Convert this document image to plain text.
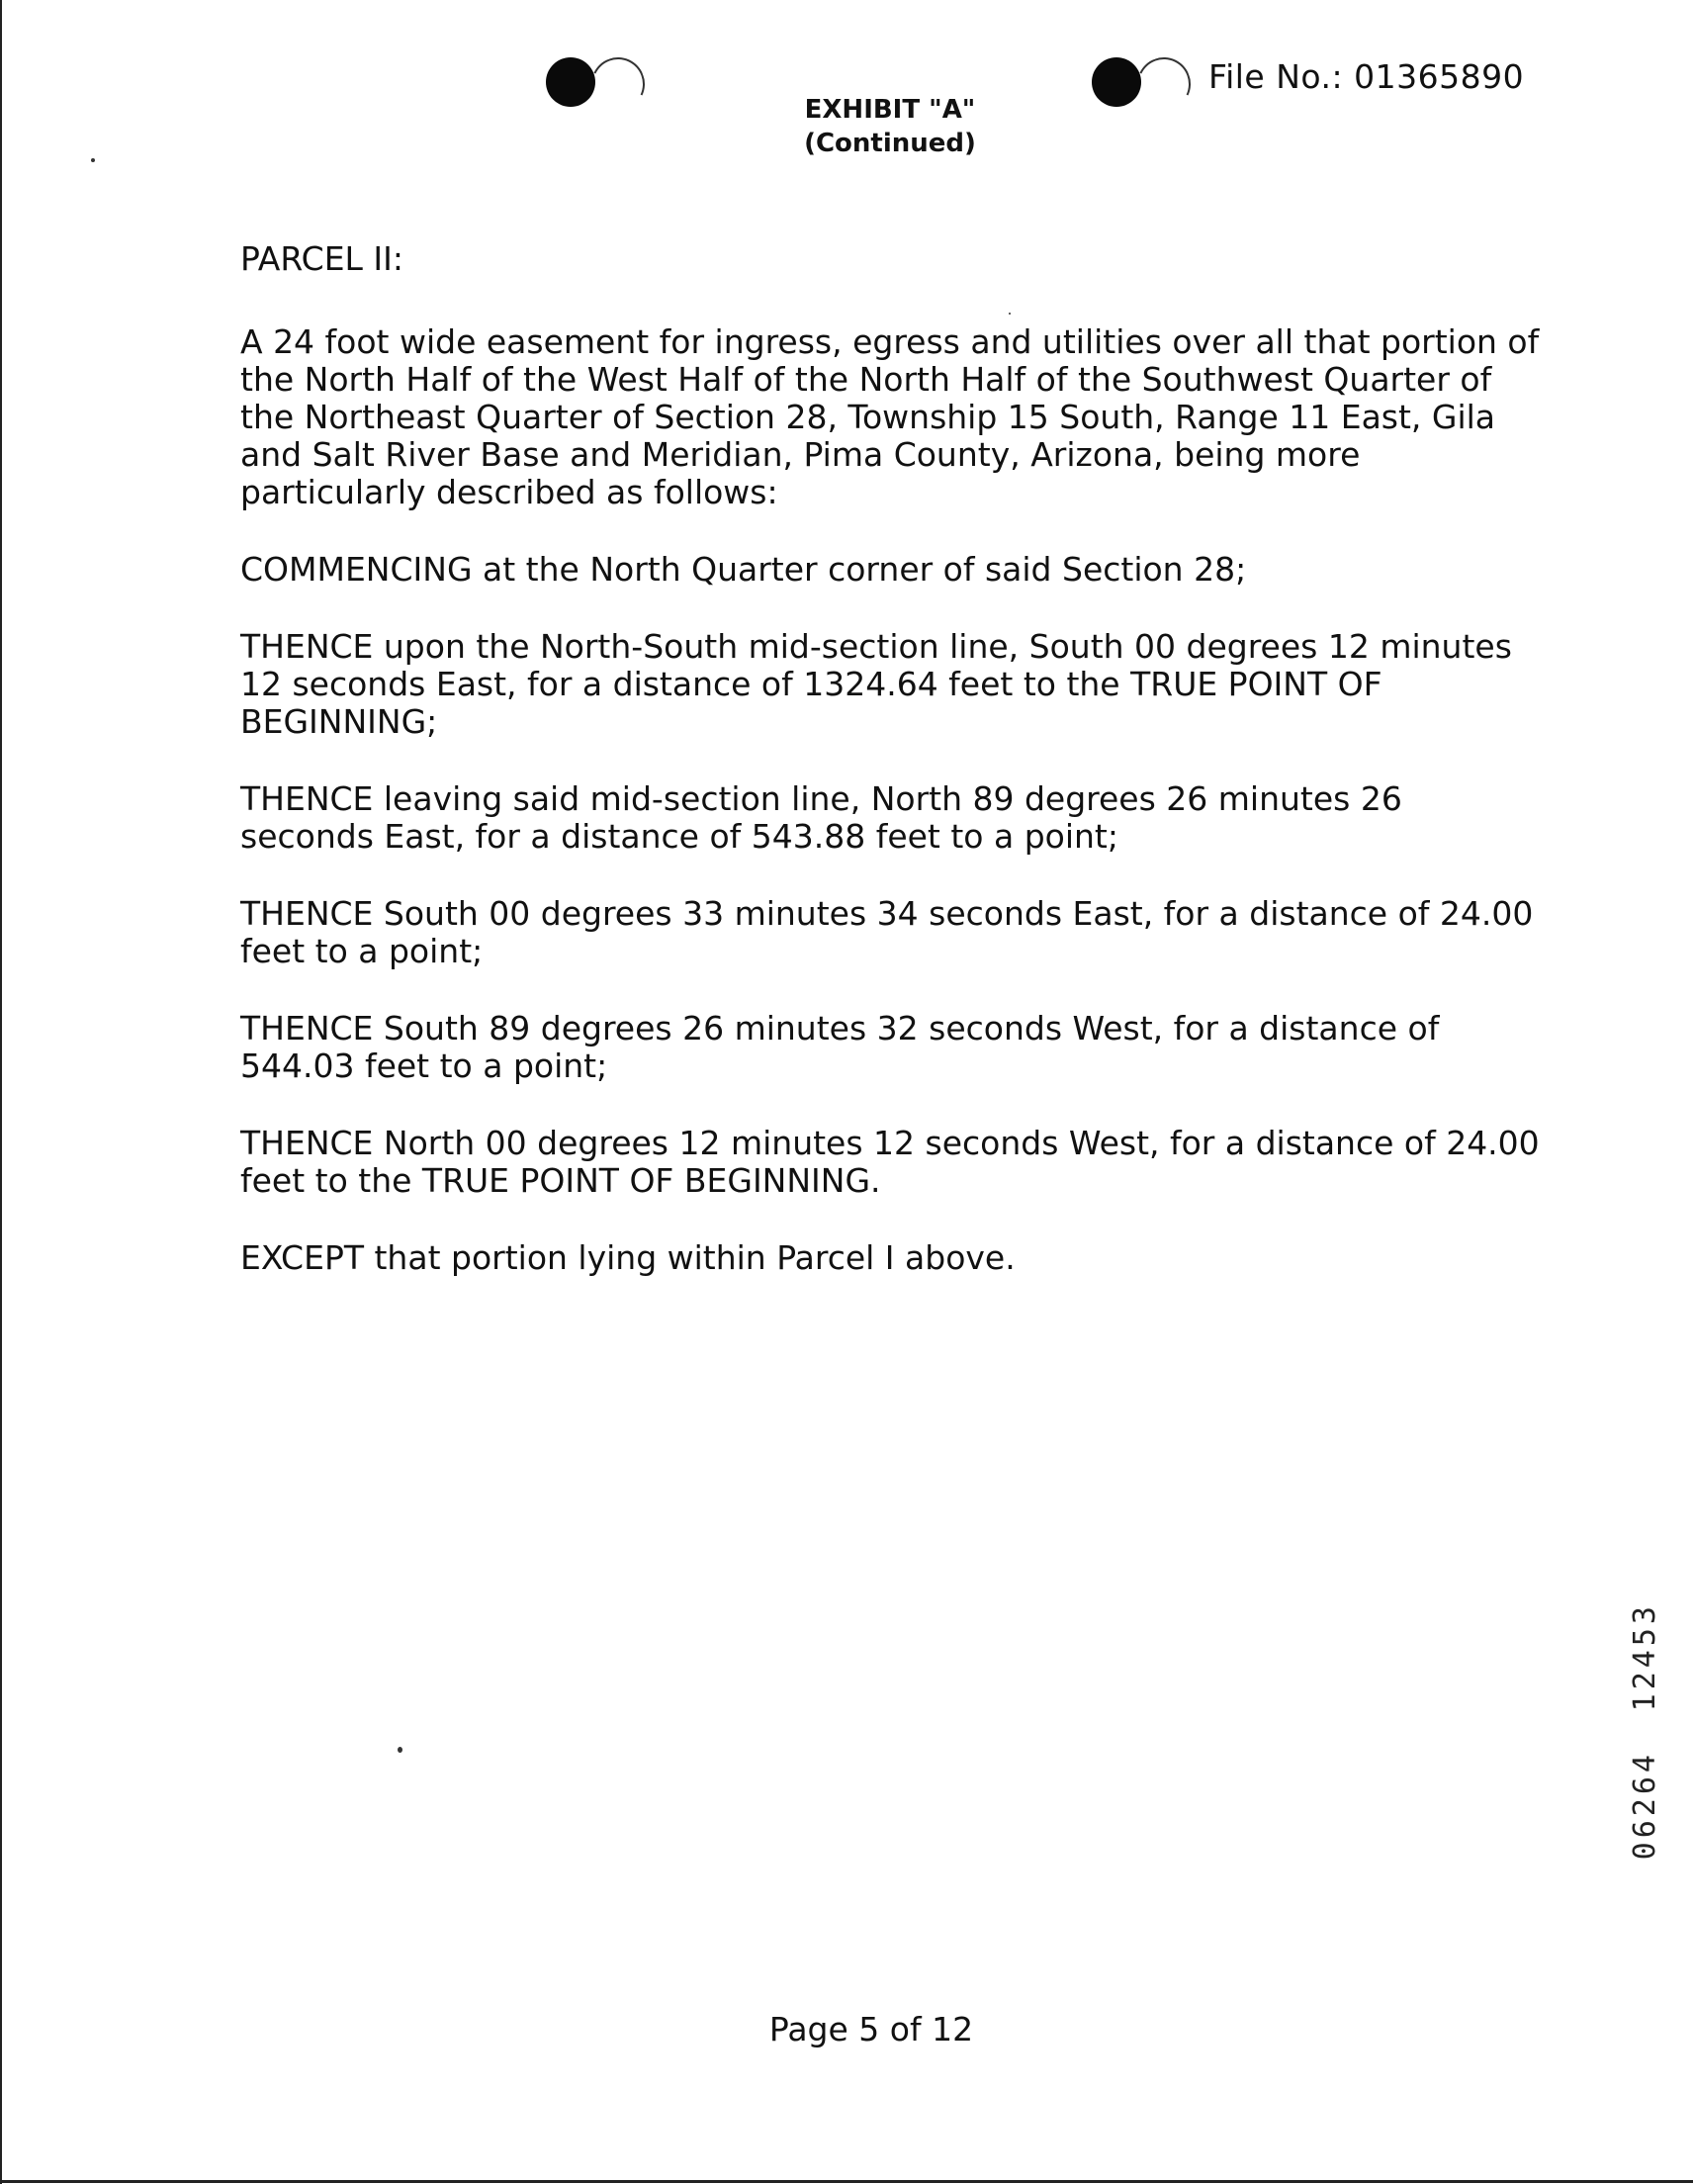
File No.: 01365890
EXHIBIT "A"
(Continued)

PARCEL II:

A 24 foot wide easement for ingress, egress and utilities over all that portion of the North Half of the West Half of the North Half of the Southwest Quarter of the Northeast Quarter of Section 28, Township 15 South, Range 11 East, Gila and Salt River Base and Meridian, Pima County, Arizona, being more particularly described as follows:

COMMENCING at the North Quarter corner of said Section 28;

THENCE upon the North-South mid-section line, South 00 degrees 12 minutes 12 seconds East, for a distance of 1324.64 feet to the TRUE POINT OF BEGINNING;

THENCE leaving said mid-section line, North 89 degrees 26 minutes 26 seconds East, for a distance of 543.88 feet to a point;

THENCE South 00 degrees 33 minutes 34 seconds East, for a distance of 24.00 feet to a point;

THENCE South 89 degrees 26 minutes 32 seconds West, for a distance of 544.03 feet to a point;

THENCE North 00 degrees 12 minutes 12 seconds West, for a distance of 24.00 feet to the TRUE POINT OF BEGINNING.

EXCEPT that portion lying within Parcel I above.

Page 5 of 12
12453
06264
